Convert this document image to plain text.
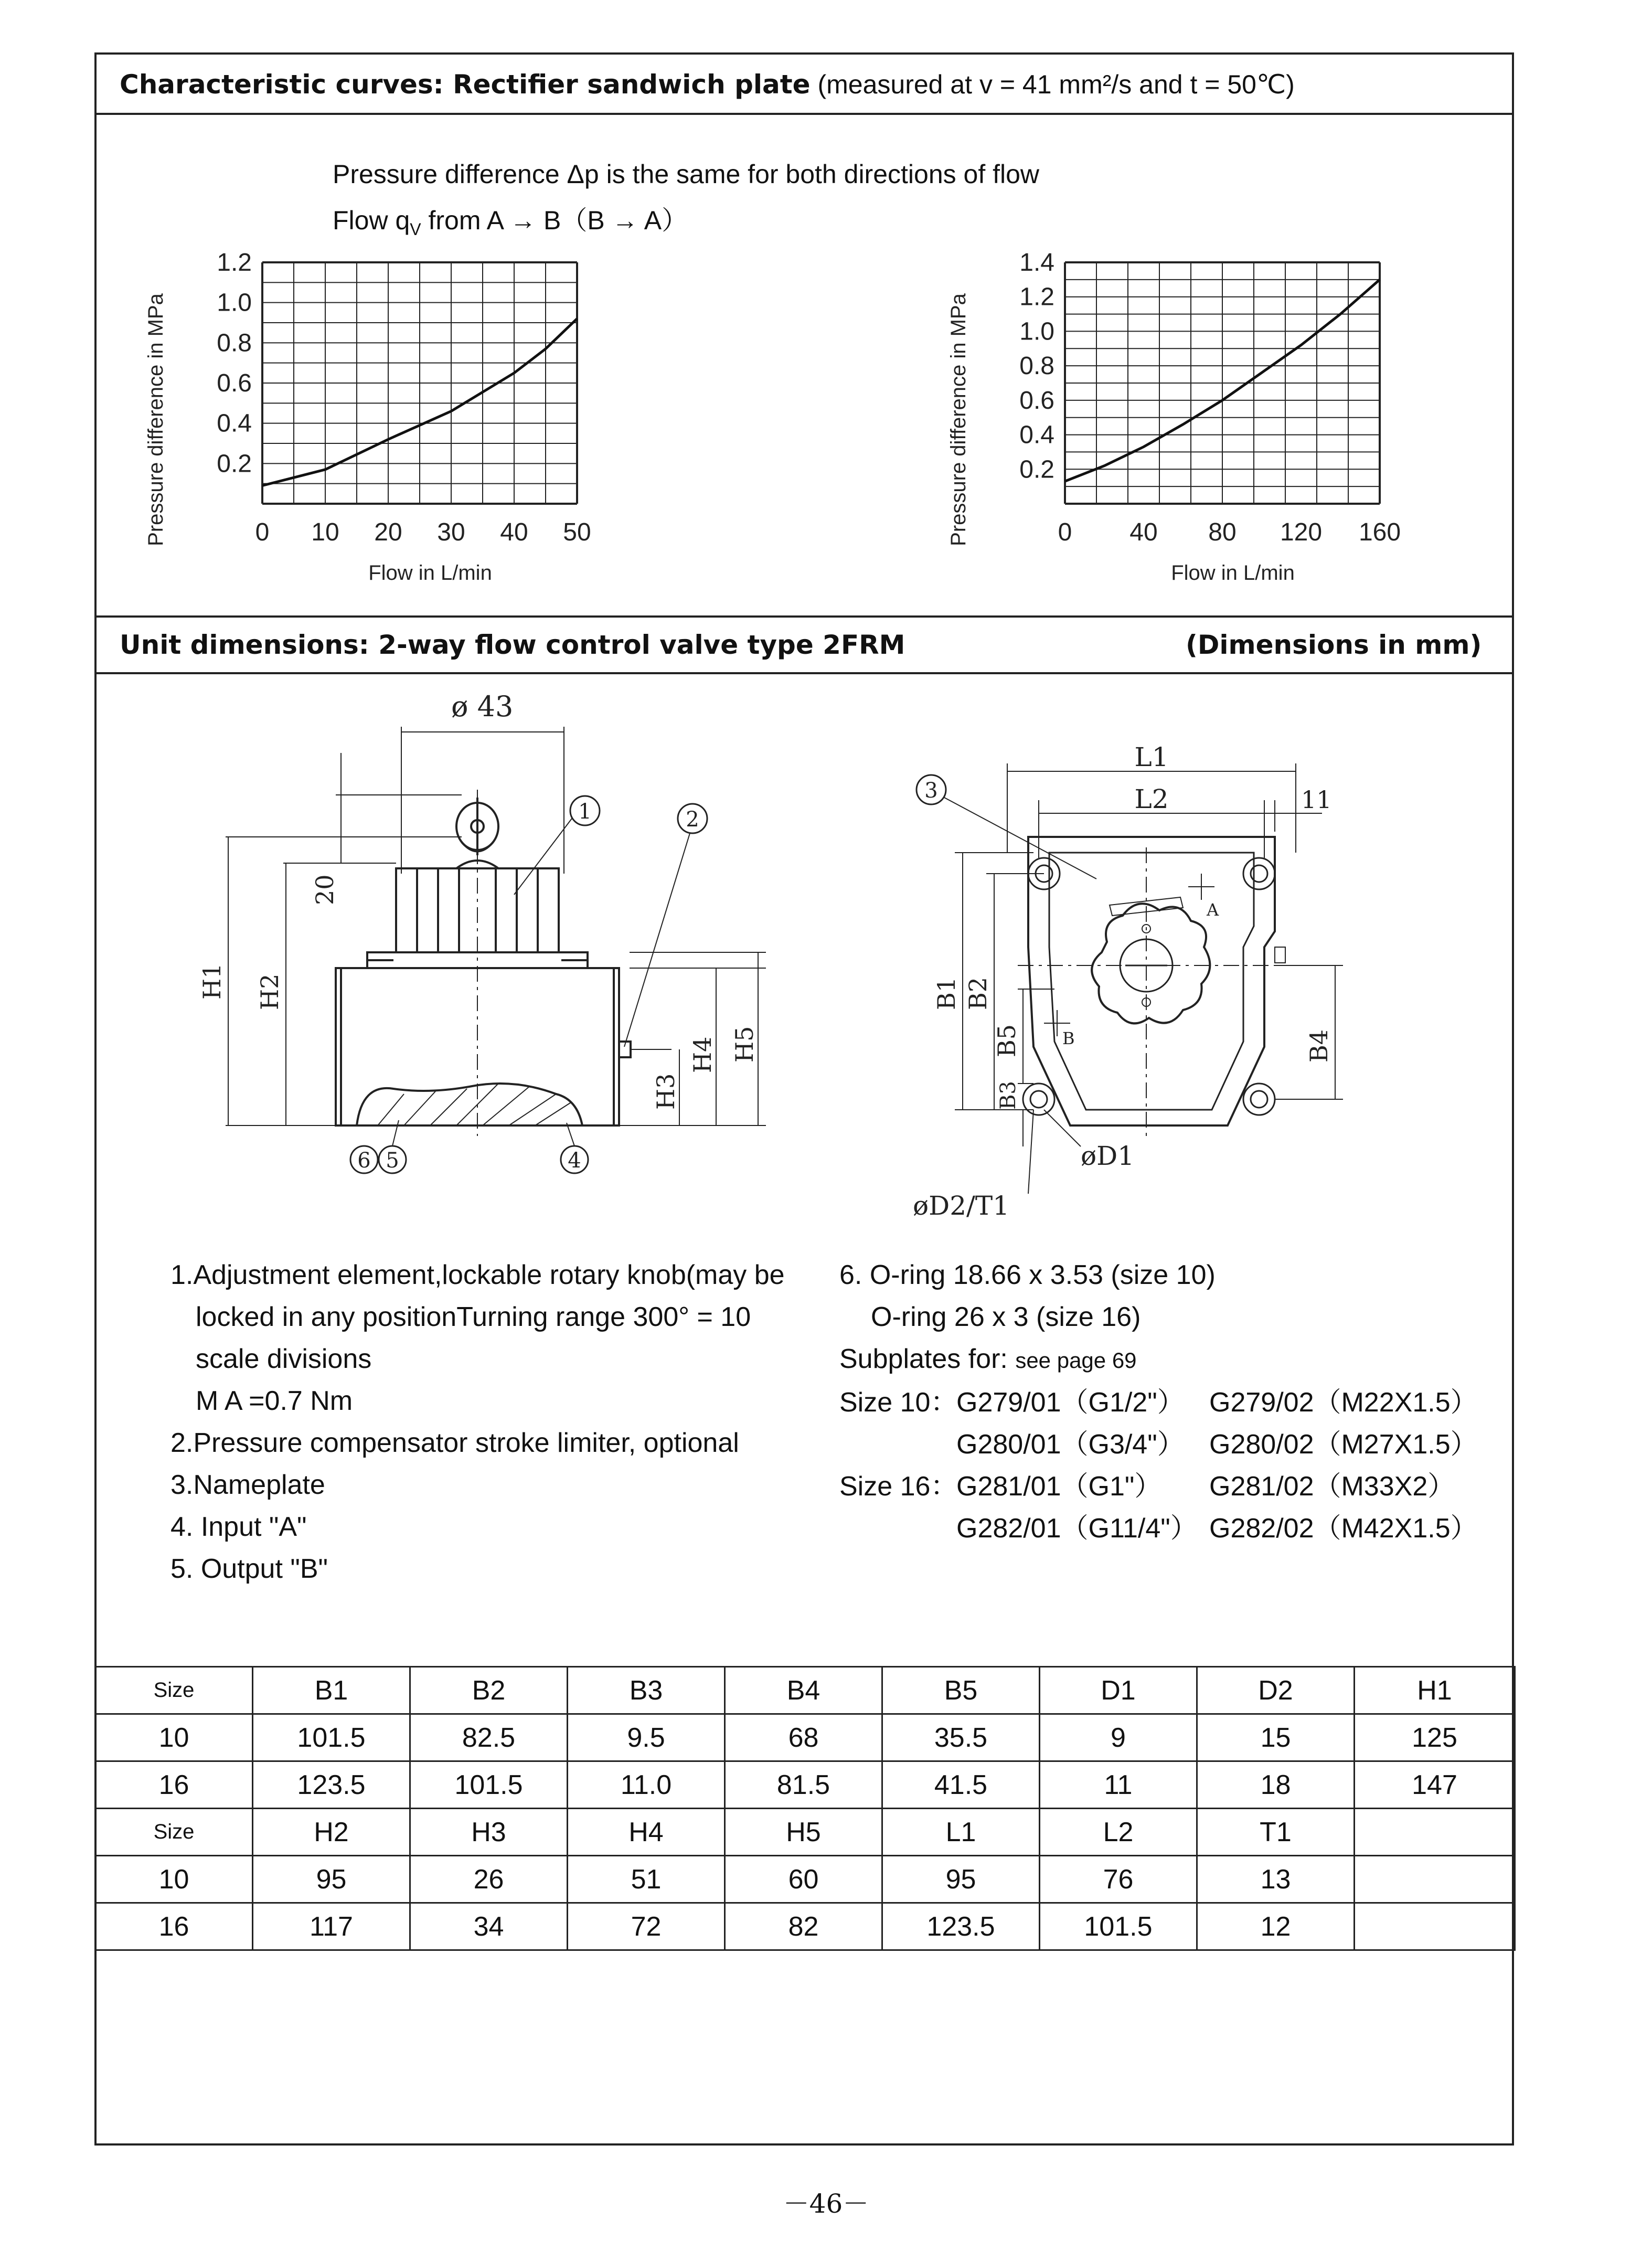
Characteristic curves: Rectifier sandwich plate (measured at v = 41 mm²/s and t = 50℃)
Pressure difference Δp is the same for both directions of flow
Flow $q_V$ from A → B（B → A）
0.2
0.4
0.6
0.8
1.0
1.2
0 10 20 30 40 50
Flow in L/min
Pressure difference in MPa	0.2
0.4
0.6
0.8
1.0
1.2
1.4
0 40 80 120 160
Flow in L/min
Pressure difference in MPa
Unit dimensions: 2-way flow control valve type 2FRM	(Dimensions in mm)
ø 43
1	2
4
5
6
3
H1 H2
20
H3
H4 H5
L1
L2	11
B1 B2
B5
B3
B4
A
B
øD1
øD2/T1
1.Adjustment element,lockable rotary knob(may be
locked in any positionTurning range 300° = 10
scale divisions
M A =0.7 Nm
2.Pressure compensator stroke limiter, optional
3.Nameplate
4. Input "A"
5. Output "B"
6. O-ring 18.66 x 3.53 (size 10)
O-ring 26 x 3 (size 16)
Subplates for: see page 69
Size 10：
G279/01（G1/2"） G279/02（M22X1.5）
G280/01（G3/4"） G280/02（M27X1.5）
Size 16：
G281/01（G1"） G281/02（M33X2）
G282/01（G11/4"） G282/02（M42X1.5）
Size	B1	B2	B3	B4	B5	D1	D2	H1
10	101.5	82.5	9.5	68	35.5	9	15	125
16	123.5	101.5	11.0	81.5	41.5	11	18	147
Size	H2	H3	H4	H5	L1	L2	T1	
10	95	26	51	60	95	76	13	
16	117	34	72	82	123.5	101.5	12	
－46－
